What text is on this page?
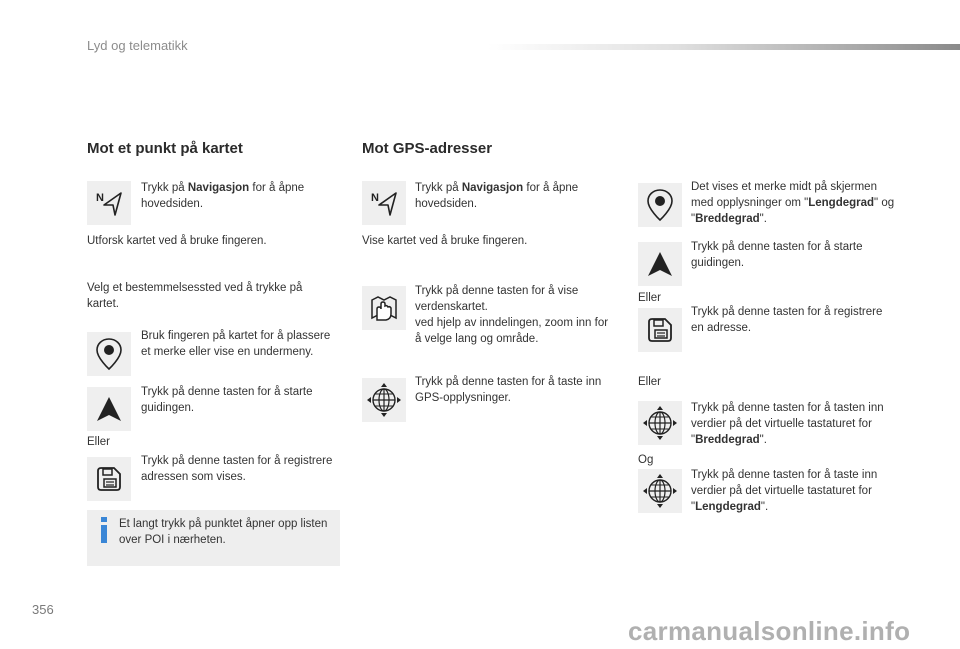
Lyd og telematikk
Mot et punkt på kartet
N
Trykk på Navigasjon for å åpne hovedsiden.
Utforsk kartet ved å bruke fingeren.
Velg et bestemmelsessted ved å trykke på kartet.
Bruk fingeren på kartet for å plassere et merke eller vise en undermeny.
Trykk på denne tasten for å starte guidingen.
Eller
Trykk på denne tasten for å registrere adressen som vises.
Et langt trykk på punktet åpner opp listen over POI i nærheten.
Mot GPS-adresser
N
Trykk på Navigasjon for å åpne hovedsiden.
Vise kartet ved å bruke fingeren.
Trykk på denne tasten for å vise verdenskartet.
ved hjelp av inndelingen, zoom inn for å velge lang og område.
Trykk på denne tasten for å taste inn GPS-opplysninger.
Det vises et merke midt på skjermen med opplysninger om "Lengdegrad" og "Breddegrad".
Trykk på denne tasten for å starte guidingen.
Eller
Trykk på denne tasten for å registrere en adresse.
Eller
Trykk på denne tasten for å tasten inn verdier på det virtuelle tastaturet for "Breddegrad".
Og
Trykk på denne tasten for å taste inn verdier på det virtuelle tastaturet for "Lengdegrad".
356
carmanualsonline.info
